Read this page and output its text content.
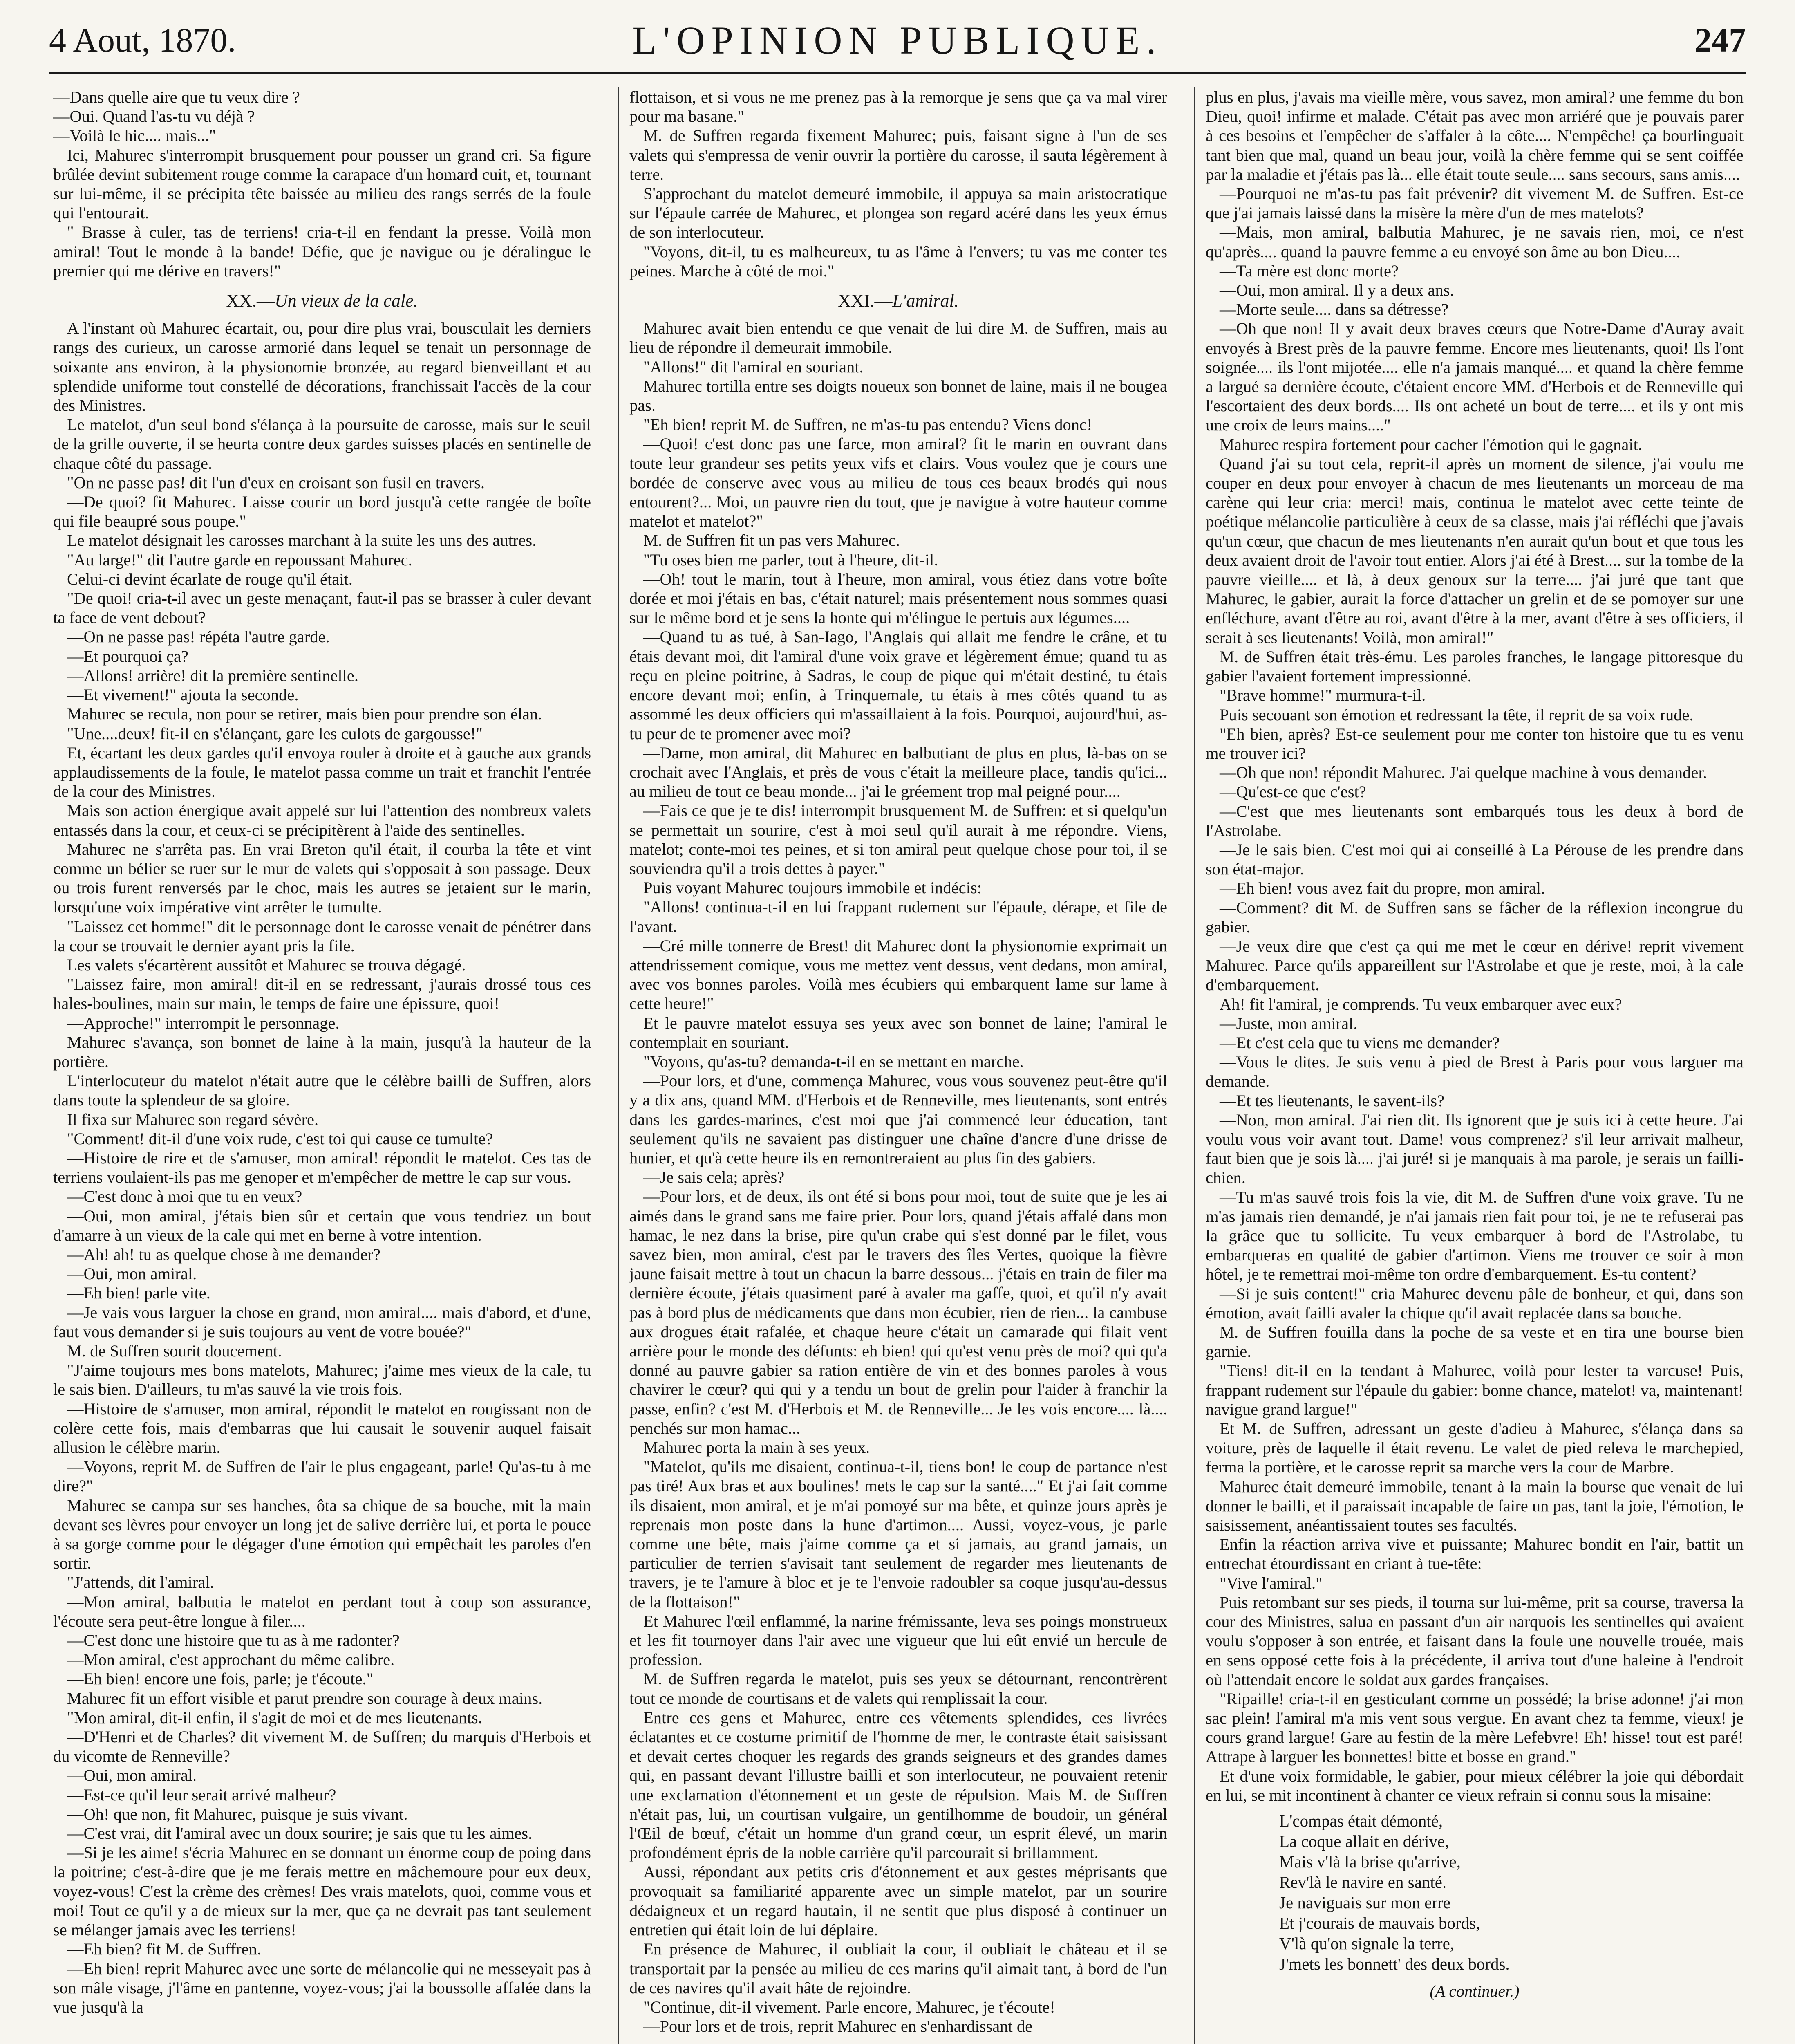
4 Aout, 1870.	L'OPINION PUBLIQUE.	247

—Dans quelle aire que tu veux dire ?

—Oui. Quand l'as-tu vu déjà ?

—Voilà le hic.... mais..."

Ici, Mahurec s'interrompit brusquement pour pousser un grand cri. Sa figure brûlée devint subitement rouge comme la carapace d'un homard cuit, et, tournant sur lui-même, il se précipita tête baissée au milieu des rangs serrés de la foule qui l'entourait.

" Brasse à culer, tas de terriens! cria-t-il en fendant la presse. Voilà mon amiral! Tout le monde à la bande! Défie, que je navigue ou je déralingue le premier qui me dérive en travers!"

XX.—Un vieux de la cale.

A l'instant où Mahurec écartait, ou, pour dire plus vrai, bousculait les derniers rangs des curieux, un carosse armorié dans lequel se tenait un personnage de soixante ans environ, à la physionomie bronzée, au regard bienveillant et au splendide uniforme tout constellé de décorations, franchissait l'accès de la cour des Ministres.

Le matelot, d'un seul bond s'élança à la poursuite de carosse, mais sur le seuil de la grille ouverte, il se heurta contre deux gardes suisses placés en sentinelle de chaque côté du passage.

"On ne passe pas! dit l'un d'eux en croisant son fusil en travers.

—De quoi? fit Mahurec. Laisse courir un bord jusqu'à cette rangée de boîte qui file beaupré sous poupe."

Le matelot désignait les carosses marchant à la suite les uns des autres.

"Au large!" dit l'autre garde en repoussant Mahurec.

Celui-ci devint écarlate de rouge qu'il était.

"De quoi! cria-t-il avec un geste menaçant, faut-il pas se brasser à culer devant ta face de vent debout?

—On ne passe pas! répéta l'autre garde.

—Et pourquoi ça?

—Allons! arrière! dit la première sentinelle.

—Et vivement!" ajouta la seconde.

Mahurec se recula, non pour se retirer, mais bien pour prendre son élan.

"Une....deux! fit-il en s'élançant, gare les culots de gargousse!"

Et, écartant les deux gardes qu'il envoya rouler à droite et à gauche aux grands applaudissements de la foule, le matelot passa comme un trait et franchit l'entrée de la cour des Ministres.

Mais son action énergique avait appelé sur lui l'attention des nombreux valets entassés dans la cour, et ceux-ci se précipitèrent à l'aide des sentinelles.

Mahurec ne s'arrêta pas. En vrai Breton qu'il était, il courba la tête et vint comme un bélier se ruer sur le mur de valets qui s'opposait à son passage. Deux ou trois furent renversés par le choc, mais les autres se jetaient sur le marin, lorsqu'une voix impérative vint arrêter le tumulte.

"Laissez cet homme!" dit le personnage dont le carosse venait de pénétrer dans la cour se trouvait le dernier ayant pris la file.

Les valets s'écartèrent aussitôt et Mahurec se trouva dégagé.

"Laissez faire, mon amiral! dit-il en se redressant, j'aurais drossé tous ces hales-boulines, main sur main, le temps de faire une épissure, quoi!

—Approche!" interrompit le personnage.

Mahurec s'avança, son bonnet de laine à la main, jusqu'à la hauteur de la portière.

L'interlocuteur du matelot n'était autre que le célèbre bailli de Suffren, alors dans toute la splendeur de sa gloire.

Il fixa sur Mahurec son regard sévère.

"Comment! dit-il d'une voix rude, c'est toi qui cause ce tumulte?

—Histoire de rire et de s'amuser, mon amiral! répondit le matelot. Ces tas de terriens voulaient-ils pas me genoper et m'empêcher de mettre le cap sur vous.

—C'est donc à moi que tu en veux?

—Oui, mon amiral, j'étais bien sûr et certain que vous tendriez un bout d'amarre à un vieux de la cale qui met en berne à votre intention.

—Ah! ah! tu as quelque chose à me demander?

—Oui, mon amiral.

—Eh bien! parle vite.

—Je vais vous larguer la chose en grand, mon amiral.... mais d'abord, et d'une, faut vous demander si je suis toujours au vent de votre bouée?"

M. de Suffren sourit doucement.

"J'aime toujours mes bons matelots, Mahurec; j'aime mes vieux de la cale, tu le sais bien. D'ailleurs, tu m'as sauvé la vie trois fois.

—Histoire de s'amuser, mon amiral, répondit le matelot en rougissant non de colère cette fois, mais d'embarras que lui causait le souvenir auquel faisait allusion le célèbre marin.

—Voyons, reprit M. de Suffren de l'air le plus engageant, parle! Qu'as-tu à me dire?"

Mahurec se campa sur ses hanches, ôta sa chique de sa bouche, mit la main devant ses lèvres pour envoyer un long jet de salive derrière lui, et porta le pouce à sa gorge comme pour le dégager d'une émotion qui empêchait les paroles d'en sortir.

"J'attends, dit l'amiral.

—Mon amiral, balbutia le matelot en perdant tout à coup son assurance, l'écoute sera peut-être longue à filer....

—C'est donc une histoire que tu as à me radonter?

—Mon amiral, c'est approchant du même calibre.

—Eh bien! encore une fois, parle; je t'écoute."

Mahurec fit un effort visible et parut prendre son courage à deux mains.

"Mon amiral, dit-il enfin, il s'agit de moi et de mes lieutenants.

—D'Henri et de Charles? dit vivement M. de Suffren; du marquis d'Herbois et du vicomte de Renneville?

—Oui, mon amiral.

—Est-ce qu'il leur serait arrivé malheur?

—Oh! que non, fit Mahurec, puisque je suis vivant.

—C'est vrai, dit l'amiral avec un doux sourire; je sais que tu les aimes.

—Si je les aime! s'écria Mahurec en se donnant un énorme coup de poing dans la poitrine; c'est-à-dire que je me ferais mettre en mâchemoure pour eux deux, voyez-vous! C'est la crème des crèmes! Des vrais matelots, quoi, comme vous et moi! Tout ce qu'il y a de mieux sur la mer, que ça ne devrait pas tant seulement se mélanger jamais avec les terriens!

—Eh bien? fit M. de Suffren.

—Eh bien! reprit Mahurec avec une sorte de mélancolie qui ne messeyait pas à son mâle visage, j'l'âme en pantenne, voyez-vous; j'ai la boussolle affalée dans la vue jusqu'à la

flottaison, et si vous ne me prenez pas à la remorque je sens que ça va mal virer pour ma basane."

M. de Suffren regarda fixement Mahurec; puis, faisant signe à l'un de ses valets qui s'empressa de venir ouvrir la portière du carosse, il sauta légèrement à terre.

S'approchant du matelot demeuré immobile, il appuya sa main aristocratique sur l'épaule carrée de Mahurec, et plongea son regard acéré dans les yeux émus de son interlocuteur.

"Voyons, dit-il, tu es malheureux, tu as l'âme à l'envers; tu vas me conter tes peines. Marche à côté de moi."

XXI.—L'amiral.

Mahurec avait bien entendu ce que venait de lui dire M. de Suffren, mais au lieu de répondre il demeurait immobile.

"Allons!" dit l'amiral en souriant.

Mahurec tortilla entre ses doigts noueux son bonnet de laine, mais il ne bougea pas.

"Eh bien! reprit M. de Suffren, ne m'as-tu pas entendu? Viens donc!

—Quoi! c'est donc pas une farce, mon amiral? fit le marin en ouvrant dans toute leur grandeur ses petits yeux vifs et clairs. Vous voulez que je cours une bordée de conserve avec vous au milieu de tous ces beaux brodés qui nous entourent?... Moi, un pauvre rien du tout, que je navigue à votre hauteur comme matelot et matelot?"

M. de Suffren fit un pas vers Mahurec.

"Tu oses bien me parler, tout à l'heure, dit-il.

—Oh! tout le marin, tout à l'heure, mon amiral, vous étiez dans votre boîte dorée et moi j'étais en bas, c'était naturel; mais présentement nous sommes quasi sur le même bord et je sens la honte qui m'élingue le pertuis aux légumes....

—Quand tu as tué, à San-Iago, l'Anglais qui allait me fendre le crâne, et tu étais devant moi, dit l'amiral d'une voix grave et légèrement émue; quand tu as reçu en pleine poitrine, à Sadras, le coup de pique qui m'était destiné, tu étais encore devant moi; enfin, à Trinquemale, tu étais à mes côtés quand tu as assommé les deux officiers qui m'assaillaient à la fois. Pourquoi, aujourd'hui, as-tu peur de te promener avec moi?

—Dame, mon amiral, dit Mahurec en balbutiant de plus en plus, là-bas on se crochait avec l'Anglais, et près de vous c'était la meilleure place, tandis qu'ici... au milieu de tout ce beau monde... j'ai le gréement trop mal peigné pour....

—Fais ce que je te dis! interrompit brusquement M. de Suffren: et si quelqu'un se permettait un sourire, c'est à moi seul qu'il aurait à me répondre. Viens, matelot; conte-moi tes peines, et si ton amiral peut quelque chose pour toi, il se souviendra qu'il a trois dettes à payer."

Puis voyant Mahurec toujours immobile et indécis:

"Allons! continua-t-il en lui frappant rudement sur l'épaule, dérape, et file de l'avant.

—Cré mille tonnerre de Brest! dit Mahurec dont la physionomie exprimait un attendrissement comique, vous me mettez vent dessus, vent dedans, mon amiral, avec vos bonnes paroles. Voilà mes écubiers qui embarquent lame sur lame à cette heure!"

Et le pauvre matelot essuya ses yeux avec son bonnet de laine; l'amiral le contemplait en souriant.

"Voyons, qu'as-tu? demanda-t-il en se mettant en marche.

—Pour lors, et d'une, commença Mahurec, vous vous souvenez peut-être qu'il y a dix ans, quand MM. d'Herbois et de Renneville, mes lieutenants, sont entrés dans les gardes-marines, c'est moi que j'ai commencé leur éducation, tant seulement qu'ils ne savaient pas distinguer une chaîne d'ancre d'une drisse de hunier, et qu'à cette heure ils en remontreraient au plus fin des gabiers.

—Je sais cela; après?

—Pour lors, et de deux, ils ont été si bons pour moi, tout de suite que je les ai aimés dans le grand sans me faire prier. Pour lors, quand j'étais affalé dans mon hamac, le nez dans la brise, pire qu'un crabe qui s'est donné par le filet, vous savez bien, mon amiral, c'est par le travers des îles Vertes, quoique la fièvre jaune faisait mettre à tout un chacun la barre dessous... j'étais en train de filer ma dernière écoute, j'étais quasiment paré à avaler ma gaffe, quoi, et qu'il n'y avait pas à bord plus de médicaments que dans mon écubier, rien de rien... la cambuse aux drogues était rafalée, et chaque heure c'était un camarade qui filait vent arrière pour le monde des défunts: eh bien! qui qu'est venu près de moi? qui qu'a donné au pauvre gabier sa ration entière de vin et des bonnes paroles à vous chavirer le cœur? qui qui y a tendu un bout de grelin pour l'aider à franchir la passe, enfin? c'est M. d'Herbois et M. de Renneville... Je les vois encore.... là.... penchés sur mon hamac...

Mahurec porta la main à ses yeux.

"Matelot, qu'ils me disaient, continua-t-il, tiens bon! le coup de partance n'est pas tiré! Aux bras et aux boulines! mets le cap sur la santé...." Et j'ai fait comme ils disaient, mon amiral, et je m'ai pomoyé sur ma bête, et quinze jours après je reprenais mon poste dans la hune d'artimon.... Aussi, voyez-vous, je parle comme une bête, mais j'aime comme ça et si jamais, au grand jamais, un particulier de terrien s'avisait tant seulement de regarder mes lieutenants de travers, je te l'amure à bloc et je te l'envoie radoubler sa coque jusqu'au-dessus de la flottaison!"

Et Mahurec l'œil enflammé, la narine frémissante, leva ses poings monstrueux et les fit tournoyer dans l'air avec une vigueur que lui eût envié un hercule de profession.

M. de Suffren regarda le matelot, puis ses yeux se détournant, rencontrèrent tout ce monde de courtisans et de valets qui remplissait la cour.

Entre ces gens et Mahurec, entre ces vêtements splendides, ces livrées éclatantes et ce costume primitif de l'homme de mer, le contraste était saisissant et devait certes choquer les regards des grands seigneurs et des grandes dames qui, en passant devant l'illustre bailli et son interlocuteur, ne pouvaient retenir une exclamation d'étonnement et un geste de répulsion. Mais M. de Suffren n'était pas, lui, un courtisan vulgaire, un gentilhomme de boudoir, un général l'Œil de bœuf, c'était un homme d'un grand cœur, un esprit élevé, un marin profondément épris de la noble carrière qu'il parcourait si brillamment.

Aussi, répondant aux petits cris d'étonnement et aux gestes méprisants que provoquait sa familiarité apparente avec un simple matelot, par un sourire dédaigneux et un regard hautain, il ne sentit que plus disposé à continuer un entretien qui était loin de lui déplaire.

En présence de Mahurec, il oubliait la cour, il oubliait le château et il se transportait par la pensée au milieu de ces marins qu'il aimait tant, à bord de l'un de ces navires qu'il avait hâte de rejoindre.

"Continue, dit-il vivement. Parle encore, Mahurec, je t'écoute!

—Pour lors et de trois, reprit Mahurec en s'enhardissant de

plus en plus, j'avais ma vieille mère, vous savez, mon amiral? une femme du bon Dieu, quoi! infirme et malade. C'était pas avec mon arriéré que je pouvais parer à ces besoins et l'empêcher de s'affaler à la côte.... N'empêche! ça bourlinguait tant bien que mal, quand un beau jour, voilà la chère femme qui se sent coiffée par la maladie et j'étais pas là... elle était toute seule.... sans secours, sans amis....

—Pourquoi ne m'as-tu pas fait prévenir? dit vivement M. de Suffren. Est-ce que j'ai jamais laissé dans la misère la mère d'un de mes matelots?

—Mais, mon amiral, balbutia Mahurec, je ne savais rien, moi, ce n'est qu'après.... quand la pauvre femme a eu envoyé son âme au bon Dieu....

—Ta mère est donc morte?

—Oui, mon amiral. Il y a deux ans.

—Morte seule.... dans sa détresse?

—Oh que non! Il y avait deux braves cœurs que Notre-Dame d'Auray avait envoyés à Brest près de la pauvre femme. Encore mes lieutenants, quoi! Ils l'ont soignée.... ils l'ont mijotée.... elle n'a jamais manqué.... et quand la chère femme a largué sa dernière écoute, c'étaient encore MM. d'Herbois et de Renneville qui l'escortaient des deux bords.... Ils ont acheté un bout de terre.... et ils y ont mis une croix de leurs mains...."

Mahurec respira fortement pour cacher l'émotion qui le gagnait.

Quand j'ai su tout cela, reprit-il après un moment de silence, j'ai voulu me couper en deux pour envoyer à chacun de mes lieutenants un morceau de ma carène qui leur cria: merci! mais, continua le matelot avec cette teinte de poétique mélancolie particulière à ceux de sa classe, mais j'ai réfléchi que j'avais qu'un cœur, que chacun de mes lieutenants n'en aurait qu'un bout et que tous les deux avaient droit de l'avoir tout entier. Alors j'ai été à Brest.... sur la tombe de la pauvre vieille.... et là, à deux genoux sur la terre.... j'ai juré que tant que Mahurec, le gabier, aurait la force d'attacher un grelin et de se pomoyer sur une enfléchure, avant d'être au roi, avant d'être à la mer, avant d'être à ses officiers, il serait à ses lieutenants! Voilà, mon amiral!"

M. de Suffren était très-ému. Les paroles franches, le langage pittoresque du gabier l'avaient fortement impressionné.

"Brave homme!" murmura-t-il.

Puis secouant son émotion et redressant la tête, il reprit de sa voix rude.

"Eh bien, après? Est-ce seulement pour me conter ton histoire que tu es venu me trouver ici?

—Oh que non! répondit Mahurec. J'ai quelque machine à vous demander.

—Qu'est-ce que c'est?

—C'est que mes lieutenants sont embarqués tous les deux à bord de l'Astrolabe.

—Je le sais bien. C'est moi qui ai conseillé à La Pérouse de les prendre dans son état-major.

—Eh bien! vous avez fait du propre, mon amiral.

—Comment? dit M. de Suffren sans se fâcher de la réflexion incongrue du gabier.

—Je veux dire que c'est ça qui me met le cœur en dérive! reprit vivement Mahurec. Parce qu'ils appareillent sur l'Astrolabe et que je reste, moi, à la cale d'embarquement.

Ah! fit l'amiral, je comprends. Tu veux embarquer avec eux?

—Juste, mon amiral.

—Et c'est cela que tu viens me demander?

—Vous le dites. Je suis venu à pied de Brest à Paris pour vous larguer ma demande.

—Et tes lieutenants, le savent-ils?

—Non, mon amiral. J'ai rien dit. Ils ignorent que je suis ici à cette heure. J'ai voulu vous voir avant tout. Dame! vous comprenez? s'il leur arrivait malheur, faut bien que je sois là.... j'ai juré! si je manquais à ma parole, je serais un failli-chien.

—Tu m'as sauvé trois fois la vie, dit M. de Suffren d'une voix grave. Tu ne m'as jamais rien demandé, je n'ai jamais rien fait pour toi, je ne te refuserai pas la grâce que tu sollicite. Tu veux embarquer à bord de l'Astrolabe, tu embarqueras en qualité de gabier d'artimon. Viens me trouver ce soir à mon hôtel, je te remettrai moi-même ton ordre d'embarquement. Es-tu content?

—Si je suis content!" cria Mahurec devenu pâle de bonheur, et qui, dans son émotion, avait failli avaler la chique qu'il avait replacée dans sa bouche.

M. de Suffren fouilla dans la poche de sa veste et en tira une bourse bien garnie.

"Tiens! dit-il en la tendant à Mahurec, voilà pour lester ta varcuse! Puis, frappant rudement sur l'épaule du gabier: bonne chance, matelot! va, maintenant! navigue grand largue!"

Et M. de Suffren, adressant un geste d'adieu à Mahurec, s'élança dans sa voiture, près de laquelle il était revenu. Le valet de pied releva le marchepied, ferma la portière, et le carosse reprit sa marche vers la cour de Marbre.

Mahurec était demeuré immobile, tenant à la main la bourse que venait de lui donner le bailli, et il paraissait incapable de faire un pas, tant la joie, l'émotion, le saisissement, anéantissaient toutes ses facultés.

Enfin la réaction arriva vive et puissante; Mahurec bondit en l'air, battit un entrechat étourdissant en criant à tue-tête:

"Vive l'amiral."

Puis retombant sur ses pieds, il tourna sur lui-même, prit sa course, traversa la cour des Ministres, salua en passant d'un air narquois les sentinelles qui avaient voulu s'opposer à son entrée, et faisant dans la foule une nouvelle trouée, mais en sens opposé cette fois à la précédente, il arriva tout d'une haleine à l'endroit où l'attendait encore le soldat aux gardes françaises.

"Ripaille! cria-t-il en gesticulant comme un possédé; la brise adonne! j'ai mon sac plein! l'amiral m'a mis vent sous vergue. En avant chez ta femme, vieux! je cours grand largue! Gare au festin de la mère Lefebvre! Eh! hisse! tout est paré! Attrape à larguer les bonnettes! bitte et bosse en grand."

Et d'une voix formidable, le gabier, pour mieux célébrer la joie qui débordait en lui, se mit incontinent à chanter ce vieux refrain si connu sous la misaine:

L'compas était démonté,
La coque allait en dérive,
Mais v'là la brise qu'arrive,
Rev'là le navire en santé.
Je naviguais sur mon erre
Et j'courais de mauvais bords,
V'là qu'on signale la terre,
J'mets les bonnett' des deux bords.
(A continuer.)
